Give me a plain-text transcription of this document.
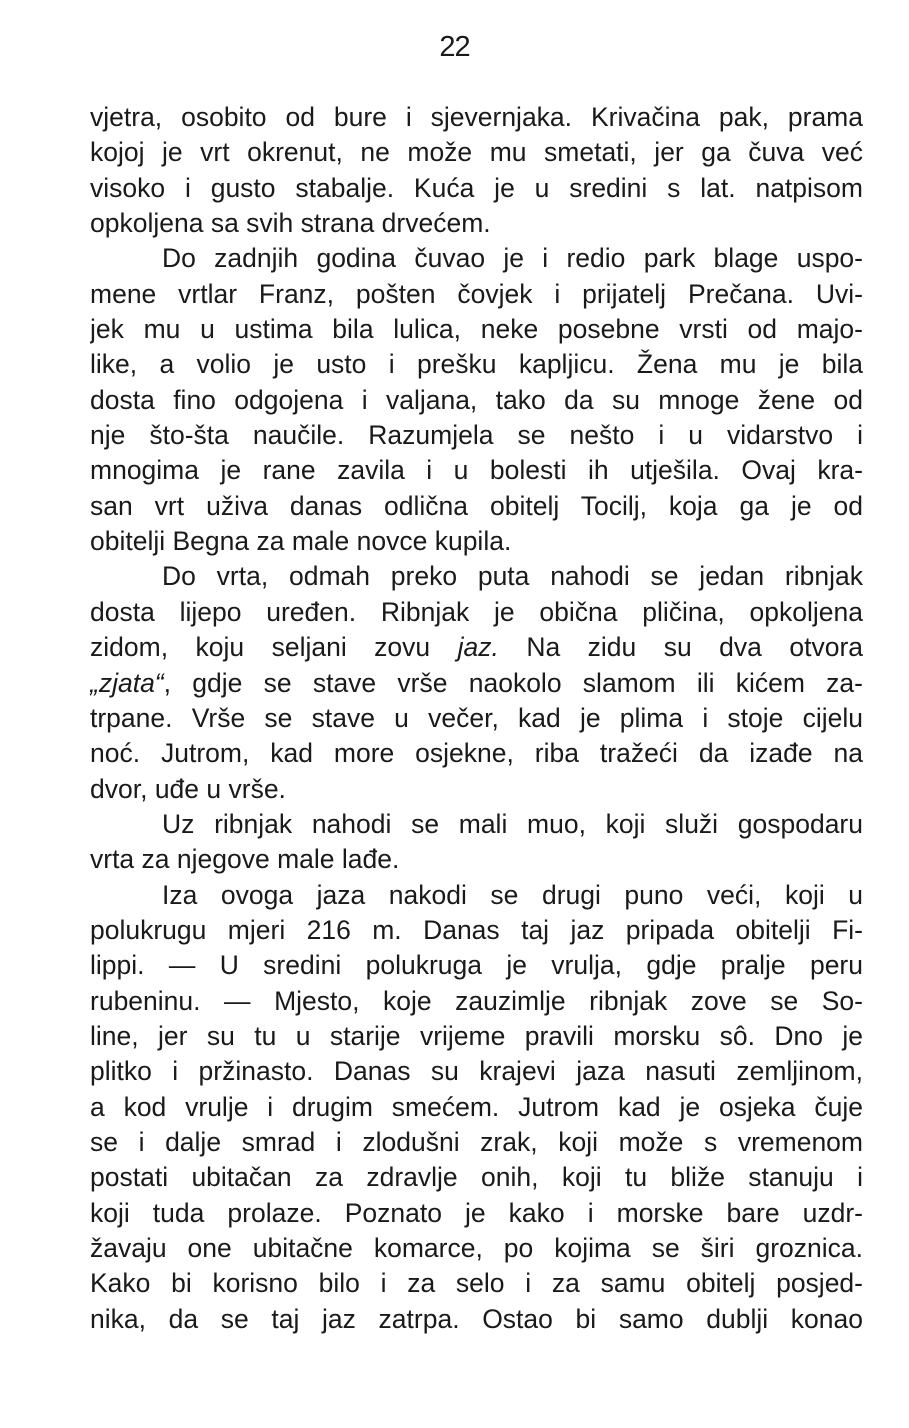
22
vjetra, osobito od bure i sjevernjaka. Krivačina pak, prama
kojoj je vrt okrenut, ne može mu smetati, jer ga čuva već
visoko i gusto stabalje. Kuća je u sredini s lat. natpisom
opkoljena sa svih strana drvećem.
Do zadnjih godina čuvao je i redio park blage uspo-
mene vrtlar Franz, pošten čovjek i prijatelj Prečana. Uvi-
jek mu u ustima bila lulica, neke posebne vrsti od majo-
like, a volio je usto i prešku kapljicu. Žena mu je bila
dosta fino odgojena i valjana, tako da su mnoge žene od
nje što-šta naučile. Razumjela se nešto i u vidarstvo i
mnogima je rane zavila i u bolesti ih utješila. Ovaj kra-
san vrt uživa danas odlična obitelj Tocilj, koja ga je od
obitelji Begna za male novce kupila.
Do vrta, odmah preko puta nahodi se jedan ribnjak
dosta lijepo uređen. Ribnjak je obična pličina, opkoljena
zidom, koju seljani zovu jaz. Na zidu su dva otvora
„zjata“, gdje se stave vrše naokolo slamom ili kićem za-
trpane. Vrše se stave u večer, kad je plima i stoje cijelu
noć. Jutrom, kad more osjekne, riba tražeći da izađe na
dvor, uđe u vrše.
Uz ribnjak nahodi se mali muo, koji služi gospodaru
vrta za njegove male lađe.
Iza ovoga jaza nakodi se drugi puno veći, koji u
polukrugu mjeri 216 m. Danas taj jaz pripada obitelji Fi-
lippi. — U sredini polukruga je vrulja, gdje pralje peru
rubeninu. — Mjesto, koje zauzimlje ribnjak zove se So-
line, jer su tu u starije vrijeme pravili morsku sô. Dno je
plitko i pržinasto. Danas su krajevi jaza nasuti zemljinom,
a kod vrulje i drugim smećem. Jutrom kad je osjeka čuje
se i dalje smrad i zlodušni zrak, koji može s vremenom
postati ubitačan za zdravlje onih, koji tu bliže stanuju i
koji tuda prolaze. Poznato je kako i morske bare uzdr-
žavaju one ubitačne komarce, po kojima se širi groznica.
Kako bi korisno bilo i za selo i za samu obitelj posjed-
nika, da se taj jaz zatrpa. Ostao bi samo dublji konao
